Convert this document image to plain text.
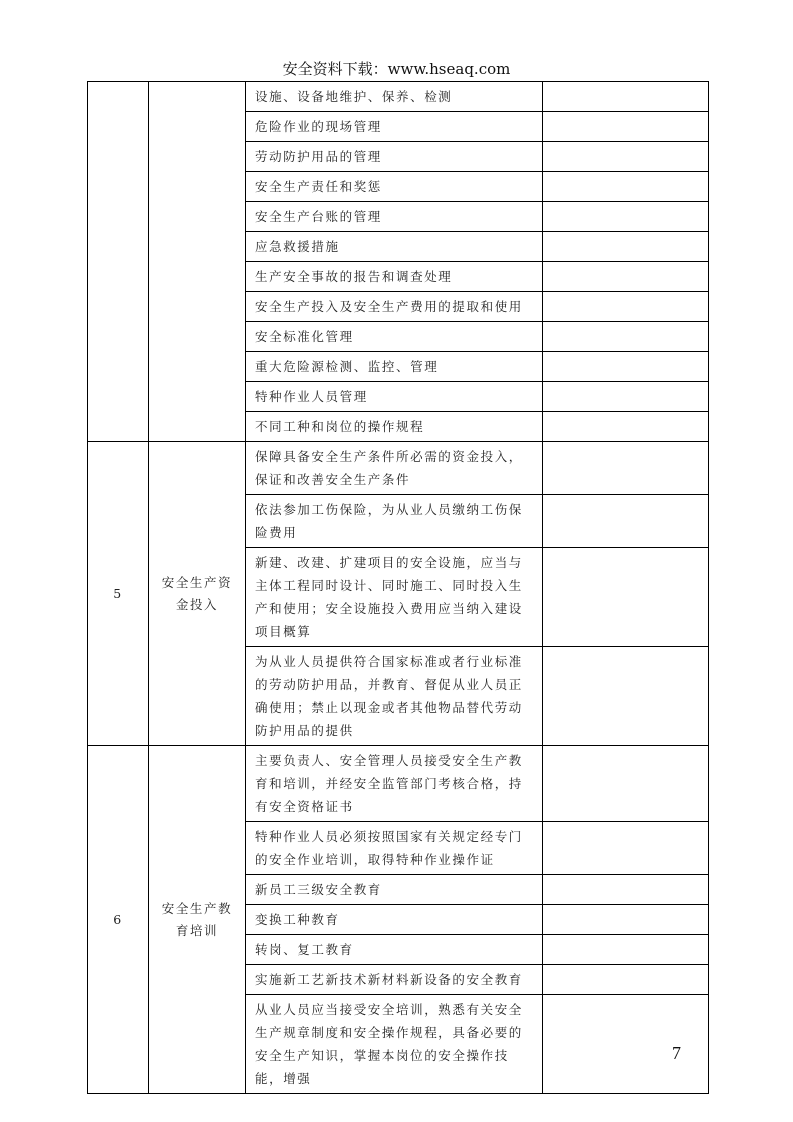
安全资料下载：www.hseaq.com
		设施、设备地维护、保养、检测	
		危险作业的现场管理	
		劳动防护用品的管理	
		安全生产责任和奖惩	
		安全生产台账的管理	
		应急救援措施	
		生产安全事故的报告和调查处理	
		安全生产投入及安全生产费用的提取和使用	
		安全标准化管理	
		重大危险源检测、监控、管理	
		特种作业人员管理	
		不同工种和岗位的操作规程	
5	安全生产资金投入	保障具备安全生产条件所必需的资金投入，保证和改善安全生产条件	
		依法参加工伤保险，为从业人员缴纳工伤保险费用	
		新建、改建、扩建项目的安全设施，应当与主体工程同时设计、同时施工、同时投入生产和使用；安全设施投入费用应当纳入建设项目概算	
		为从业人员提供符合国家标准或者行业标准的劳动防护用品，并教育、督促从业人员正确使用；禁止以现金或者其他物品替代劳动防护用品的提供	
6	安全生产教育培训	主要负责人、安全管理人员接受安全生产教育和培训，并经安全监管部门考核合格，持有安全资格证书	
		特种作业人员必须按照国家有关规定经专门的安全作业培训，取得特种作业操作证	
		新员工三级安全教育	
		变换工种教育	
		转岗、复工教育	
		实施新工艺新技术新材料新设备的安全教育	
		从业人员应当接受安全培训，熟悉有关安全生产规章制度和安全操作规程，具备必要的安全生产知识，掌握本岗位的安全操作技能，增强	
7
